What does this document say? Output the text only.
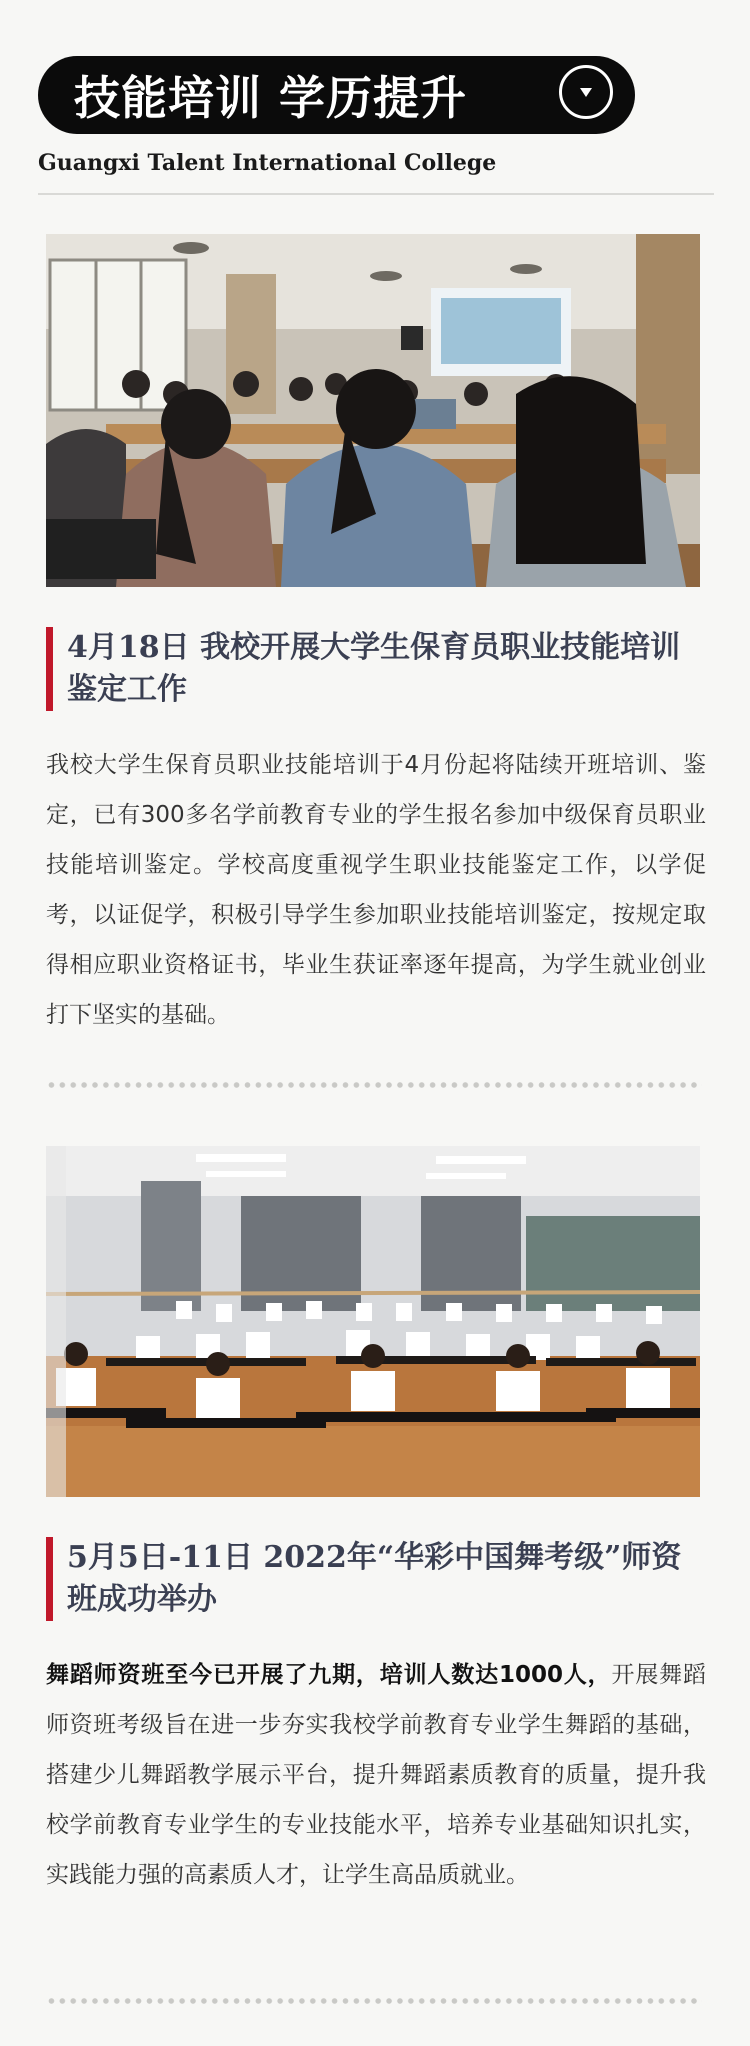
技能培训 学历提升
Guangxi Talent International College
4月18日 我校开展大学生保育员职业技能培训鉴定工作
我校大学生保育员职业技能培训于4月份起将陆续开班培训、鉴定，已有300多名学前教育专业的学生报名参加中级保育员职业技能培训鉴定。学校高度重视学生职业技能鉴定工作，以学促考，以证促学，积极引导学生参加职业技能培训鉴定，按规定取得相应职业资格证书，毕业生获证率逐年提高，为学生就业创业打下坚实的基础。
5月5日-11日 2022年“华彩中国舞考级”师资班成功举办
舞蹈师资班至今已开展了九期，培训人数达1000人，开展舞蹈师资班考级旨在进一步夯实我校学前教育专业学生舞蹈的基础，搭建少儿舞蹈教学展示平台，提升舞蹈素质教育的质量，提升我校学前教育专业学生的专业技能水平，培养专业基础知识扎实，实践能力强的高素质人才，让学生高品质就业。
